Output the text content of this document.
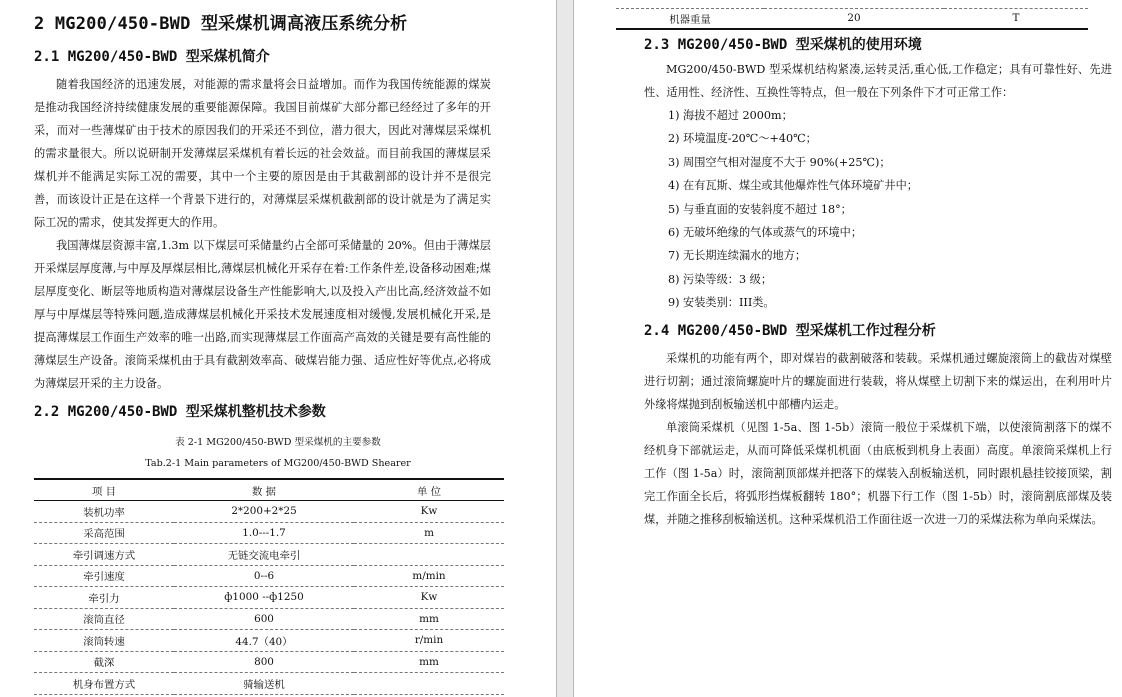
2 MG200/450-BWD 型采煤机调高液压系统分析
2.1 MG200/450-BWD 型采煤机简介

随着我国经济的迅速发展，对能源的需求量将会日益增加。而作为我国传统能源的煤炭是推动我国经济持续健康发展的重要能源保障。我国目前煤矿大部分都已经经过了多年的开采，而对一些薄煤矿由于技术的原因我们的开采还不到位，潜力很大，因此对薄煤层采煤机的需求量很大。所以说研制开发薄煤层采煤机有着长远的社会效益。而目前我国的薄煤层采煤机并不能满足实际工况的需要，其中一个主要的原因是由于其截割部的设计并不是很完善，而该设计正是在这样一个背景下进行的，对薄煤层采煤机截割部的设计就是为了满足实际工况的需求，使其发挥更大的作用。

我国薄煤层资源丰富,1.3m 以下煤层可采储量约占全部可采储量的 20%。但由于薄煤层开采煤层厚度薄,与中厚及厚煤层相比,薄煤层机械化开采存在着:工作条件差,设备移动困难;煤层厚度变化、断层等地质构造对薄煤层设备生产性能影响大,以及投入产出比高,经济效益不如厚与中厚煤层等特殊问题,造成薄煤层机械化开采技术发展速度相对缓慢,发展机械化开采,是提高薄煤层工作面生产效率的唯一出路,而实现薄煤层工作面高产高效的关键是要有高性能的薄煤层生产设备。滚筒采煤机由于具有截割效率高、破煤岩能力强、适应性好等优点,必将成为薄煤层开采的主力设备。

2.2 MG200/450-BWD 型采煤机整机技术参数
表 2-1 MG200/450-BWD 型采煤机的主要参数
Tab.2-1 Main parameters of MG200/450-BWD Shearer
项 目	数 据	单 位
装机功率	2*200+2*25	Kw
采高范围	1.0---1.7	m
牵引调速方式	无链交流电牵引	
牵引速度	0--6	m/min
牵引力	ф1000 --ф1250	Kw
滚筒直径	600	mm
滚筒转速	44.7（40）	r/min
截深	800	mm
机身布置方式	骑输送机	
机器重量	20	T
2.3 MG200/450-BWD 型采煤机的使用环境

MG200/450-BWD 型采煤机结构紧凑,运转灵活,重心低,工作稳定；具有可靠性好、先进性、适用性、经济性、互换性等特点，但一般在下列条件下才可正常工作：

1) 海拔不超过 2000m；
2) 环境温度-20℃～+40℃；
3) 周围空气相对湿度不大于 90%(+25℃)；
4) 在有瓦斯、煤尘或其他爆炸性气体环境矿井中；
5) 与垂直面的安装斜度不超过 18°；
6) 无破坏绝缘的气体或蒸气的环境中；
7) 无长期连续漏水的地方；
8) 污染等级：3 级；
9) 安装类别：III类。
2.4 MG200/450-BWD 型采煤机工作过程分析

采煤机的功能有两个，即对煤岩的截割破落和装载。采煤机通过螺旋滚筒上的截齿对煤壁进行切割；通过滚筒螺旋叶片的螺旋面进行装载，将从煤壁上切割下来的煤运出，在利用叶片外缘将煤抛到刮板输送机中部槽内运走。

单滚筒采煤机（见图 1-5a、图 1-5b）滚筒一般位于采煤机下端，以使滚筒割落下的煤不经机身下部就运走，从而可降低采煤机机面（由底板到机身上表面）高度。单滚筒采煤机上行工作（图 1-5a）时，滚筒割顶部煤并把落下的煤装入刮板输送机，同时跟机悬挂铰接顶梁，割完工作面全长后，将弧形挡煤板翻转 180°；机器下行工作（图 1-5b）时，滚筒割底部煤及装煤，并随之推移刮板输送机。这种采煤机沿工作面往返一次进一刀的采煤法称为单向采煤法。
